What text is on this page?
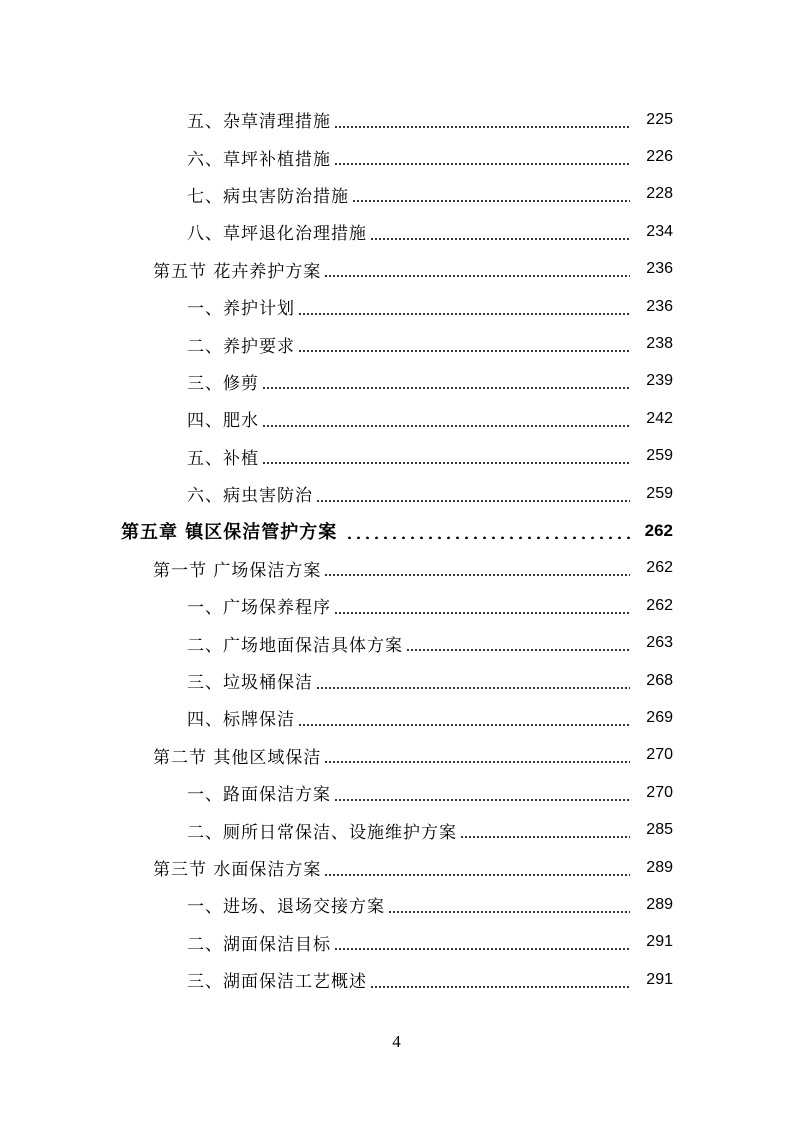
五、杂草清理措施	225
六、草坪补植措施	226
七、病虫害防治措施	228
八、草坪退化治理措施	234
第五节 花卉养护方案	236
一、养护计划	236
二、养护要求	238
三、修剪	239
四、肥水	242
五、补植	259
六、病虫害防治	259
第五章 镇区保洁管护方案	262
第一节 广场保洁方案	262
一、广场保养程序	262
二、广场地面保洁具体方案	263
三、垃圾桶保洁	268
四、标牌保洁	269
第二节 其他区域保洁	270
一、路面保洁方案	270
二、厕所日常保洁、设施维护方案	285
第三节 水面保洁方案	289
一、进场、退场交接方案	289
二、湖面保洁目标	291
三、湖面保洁工艺概述	291
4
